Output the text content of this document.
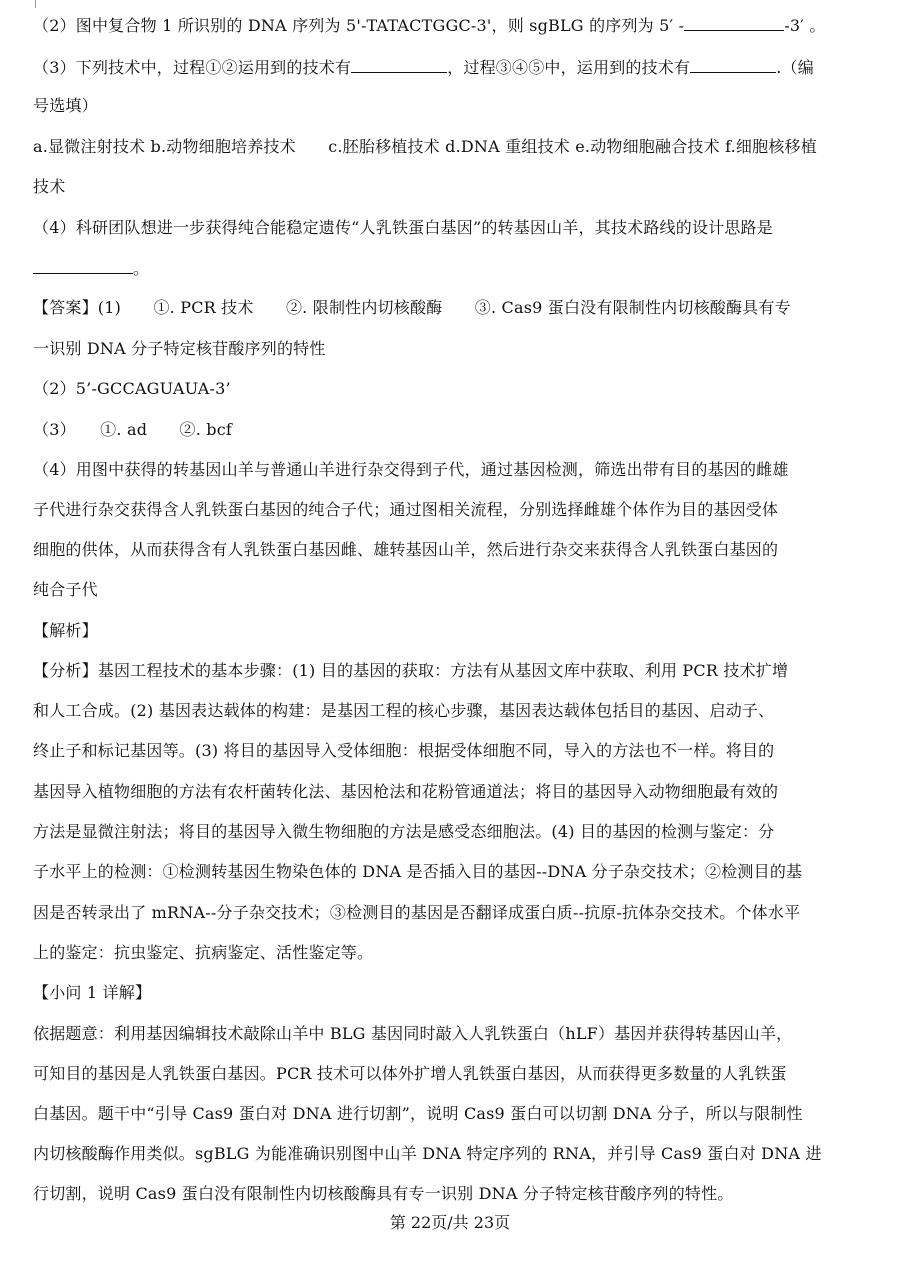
（2）图中复合物 1 所识别的 DNA 序列为 5'-TATACTGGC-3'，则 sgBLG 的序列为 5′ -	-3′ 。
（3）下列技术中，过程①②运用到的技术有	，过程③④⑤中，运用到的技术有	.（编
号选填）
a.显微注射技术 b.动物细胞培养技术　　c.胚胎移植技术 d.DNA 重组技术 e.动物细胞融合技术 f.细胞核移植
技术
（4）科研团队想进一步获得纯合能稳定遗传“人乳铁蛋白基因”的转基因山羊，其技术路线的设计思路是
。
【答案】(1)　　①. PCR 技术　　②. 限制性内切核酸酶　　③. Cas9 蛋白没有限制性内切核酸酶具有专
一识别 DNA 分子特定核苷酸序列的特性
（2）5’-GCCAGUAUA-3’
（3）　　①. ad　　②. bcf
（4）用图中获得的转基因山羊与普通山羊进行杂交得到子代，通过基因检测，筛选出带有目的基因的雌雄
子代进行杂交获得含人乳铁蛋白基因的纯合子代；通过图相关流程，分别选择雌雄个体作为目的基因受体
细胞的供体，从而获得含有人乳铁蛋白基因雌、雄转基因山羊，然后进行杂交来获得含人乳铁蛋白基因的
纯合子代
【解析】
【分析】基因工程技术的基本步骤：(1) 目的基因的获取：方法有从基因文库中获取、利用 PCR 技术扩增
和人工合成。(2) 基因表达载体的构建：是基因工程的核心步骤，基因表达载体包括目的基因、启动子、
终止子和标记基因等。(3) 将目的基因导入受体细胞：根据受体细胞不同，导入的方法也不一样。将目的
基因导入植物细胞的方法有农杆菌转化法、基因枪法和花粉管通道法；将目的基因导入动物细胞最有效的
方法是显微注射法；将目的基因导入微生物细胞的方法是感受态细胞法。(4) 目的基因的检测与鉴定：分
子水平上的检测：①检测转基因生物染色体的 DNA 是否插入目的基因--DNA 分子杂交技术；②检测目的基
因是否转录出了 mRNA--分子杂交技术；③检测目的基因是否翻译成蛋白质--抗原-抗体杂交技术。个体水平
上的鉴定：抗虫鉴定、抗病鉴定、活性鉴定等。
【小问 1 详解】
依据题意：利用基因编辑技术敲除山羊中 BLG 基因同时敲入人乳铁蛋白（hLF）基因并获得转基因山羊，
可知目的基因是人乳铁蛋白基因。PCR 技术可以体外扩增人乳铁蛋白基因，从而获得更多数量的人乳铁蛋
白基因。题干中“引导 Cas9 蛋白对 DNA 进行切割”，说明 Cas9 蛋白可以切割 DNA 分子，所以与限制性
内切核酸酶作用类似。sgBLG 为能准确识别图中山羊 DNA 特定序列的 RNA，并引导 Cas9 蛋白对 DNA 进
行切割，说明 Cas9 蛋白没有限制性内切核酸酶具有专一识别 DNA 分子特定核苷酸序列的特性。
第 22页/共 23页
